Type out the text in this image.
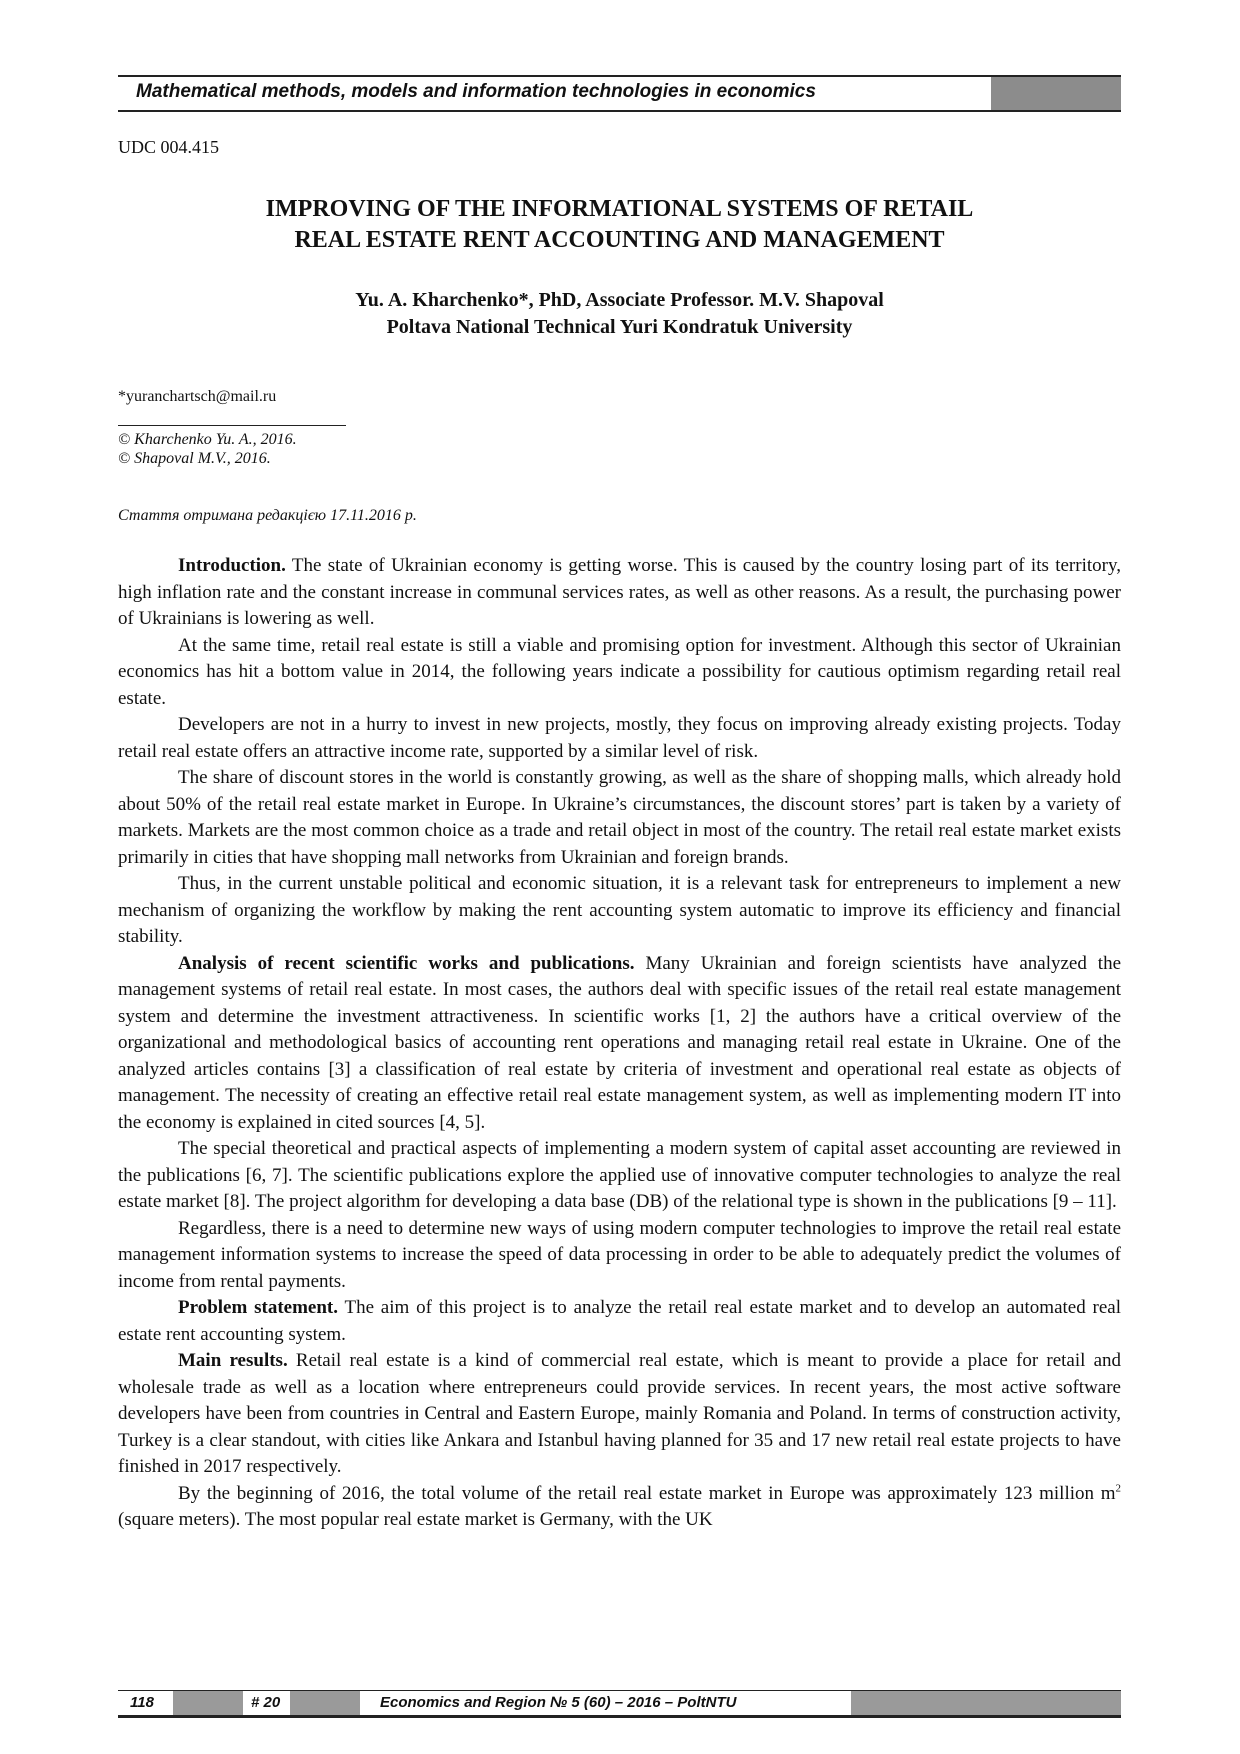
Mathematical methods, models and information technologies in economics
UDC 004.415
IMPROVING OF THE INFORMATIONAL SYSTEMS OF RETAIL
REAL ESTATE RENT ACCOUNTING AND MANAGEMENT
Yu. A. Kharchenko*, PhD, Associate Professor. M.V. Shapoval
Poltava National Technical Yuri Kondratuk University
*yuranchartsch@mail.ru
© Kharchenko Yu. A., 2016.
© Shapoval M.V., 2016.
Стаття отримана редакцією 17.11.2016 р.

Introduction. The state of Ukrainian economy is getting worse. This is caused by the country losing part of its territory, high inflation rate and the constant increase in communal services rates, as well as other reasons. As a result, the purchasing power of Ukrainians is lowering as well.

At the same time, retail real estate is still a viable and promising option for investment. Although this sector of Ukrainian economics has hit a bottom value in 2014, the following years indicate a possibility for cautious optimism regarding retail real estate.

Developers are not in a hurry to invest in new projects, mostly, they focus on improving already existing projects. Today retail real estate offers an attractive income rate, supported by a similar level of risk.

The share of discount stores in the world is constantly growing, as well as the share of shopping malls, which already hold about 50% of the retail real estate market in Europe. In Ukraine’s circumstances, the discount stores’ part is taken by a variety of markets. Markets are the most common choice as a trade and retail object in most of the country. The retail real estate market exists primarily in cities that have shopping mall networks from Ukrainian and foreign brands.

Thus, in the current unstable political and economic situation, it is a relevant task for entrepreneurs to implement a new mechanism of organizing the workflow by making the rent accounting system automatic to improve its efficiency and financial stability.

Analysis of recent scientific works and publications. Many Ukrainian and foreign scientists have analyzed the management systems of retail real estate. In most cases, the authors deal with specific issues of the retail real estate management system and determine the investment attractiveness. In scientific works [1, 2] the authors have a critical overview of the organizational and methodological basics of accounting rent operations and managing retail real estate in Ukraine. One of the analyzed articles contains [3] a classification of real estate by criteria of investment and operational real estate as objects of management. The necessity of creating an effective retail real estate management system, as well as implementing modern IT into the economy is explained in cited sources [4, 5].

The special theoretical and practical aspects of implementing a modern system of capital asset accounting are reviewed in the publications [6, 7]. The scientific publications explore the applied use of innovative computer technologies to analyze the real estate market [8]. The project algorithm for developing a data base (DB) of the relational type is shown in the publications [9 – 11].

Regardless, there is a need to determine new ways of using modern computer technologies to improve the retail real estate management information systems to increase the speed of data processing in order to be able to adequately predict the volumes of income from rental payments.

Problem statement. The aim of this project is to analyze the retail real estate market and to develop an automated real estate rent accounting system.

Main results. Retail real estate is a kind of commercial real estate, which is meant to provide a place for retail and wholesale trade as well as a location where entrepreneurs could provide services. In recent years, the most active software developers have been from countries in Central and Eastern Europe, mainly Romania and Poland. In terms of construction activity, Turkey is a clear standout, with cities like Ankara and Istanbul having planned for 35 and 17 new retail real estate projects to have finished in 2017 respectively.

By the beginning of 2016, the total volume of the retail real estate market in Europe was approximately 123 million $m^2$ (square meters). The most popular real estate market is Germany, with the UK

118	# 20	Economics and Region № 5 (60) – 2016 – PoltNTU
